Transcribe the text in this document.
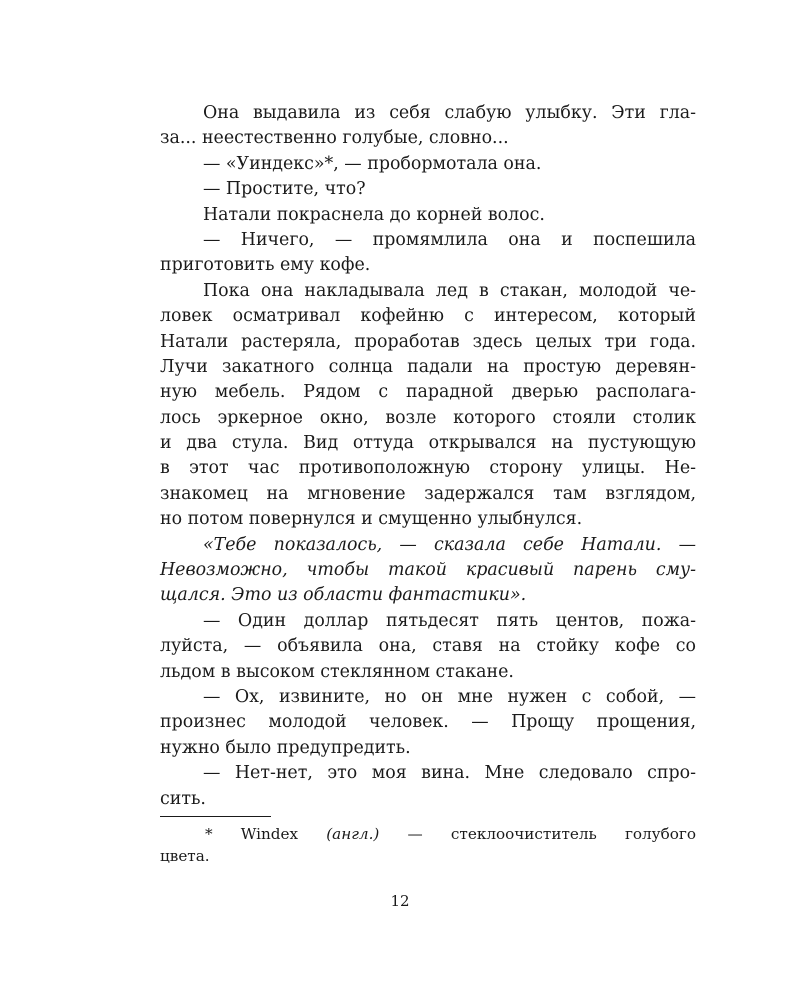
Она выдавила из себя слабую улыбку. Эти гла-
за... неестественно голубые, словно...
— «Уиндекс»*, — пробормотала она.
— Простите, что?
Натали покраснела до корней волос.
— Ничего, — промямлила она и поспешила
приготовить ему кофе.
Пока она накладывала лед в стакан, молодой че-
ловек осматривал кофейню с интересом, который
Натали растеряла, проработав здесь целых три года.
Лучи закатного солнца падали на простую деревян-
ную мебель. Рядом с парадной дверью располага-
лось эркерное окно, возле которого стояли столик
и два стула. Вид оттуда открывался на пустующую
в этот час противоположную сторону улицы. Не-
знакомец на мгновение задержался там взглядом,
но потом повернулся и смущенно улыбнулся.
«Тебе показалось, — сказала себе Натали. —
Невозможно, чтобы такой красивый парень сму-
щался. Это из области фантастики».
— Один доллар пятьдесят пять центов, пожа-
луйста, — объявила она, ставя на стойку кофе со
льдом в высоком стеклянном стакане.
— Ох, извините, но он мне нужен с собой, —
произнес молодой человек. — Прощу прощения,
нужно было предупредить.
— Нет-нет, это моя вина. Мне следовало спро-
сить.
* Windex (англ.) — стеклоочиститель голубого
цвета.
12
